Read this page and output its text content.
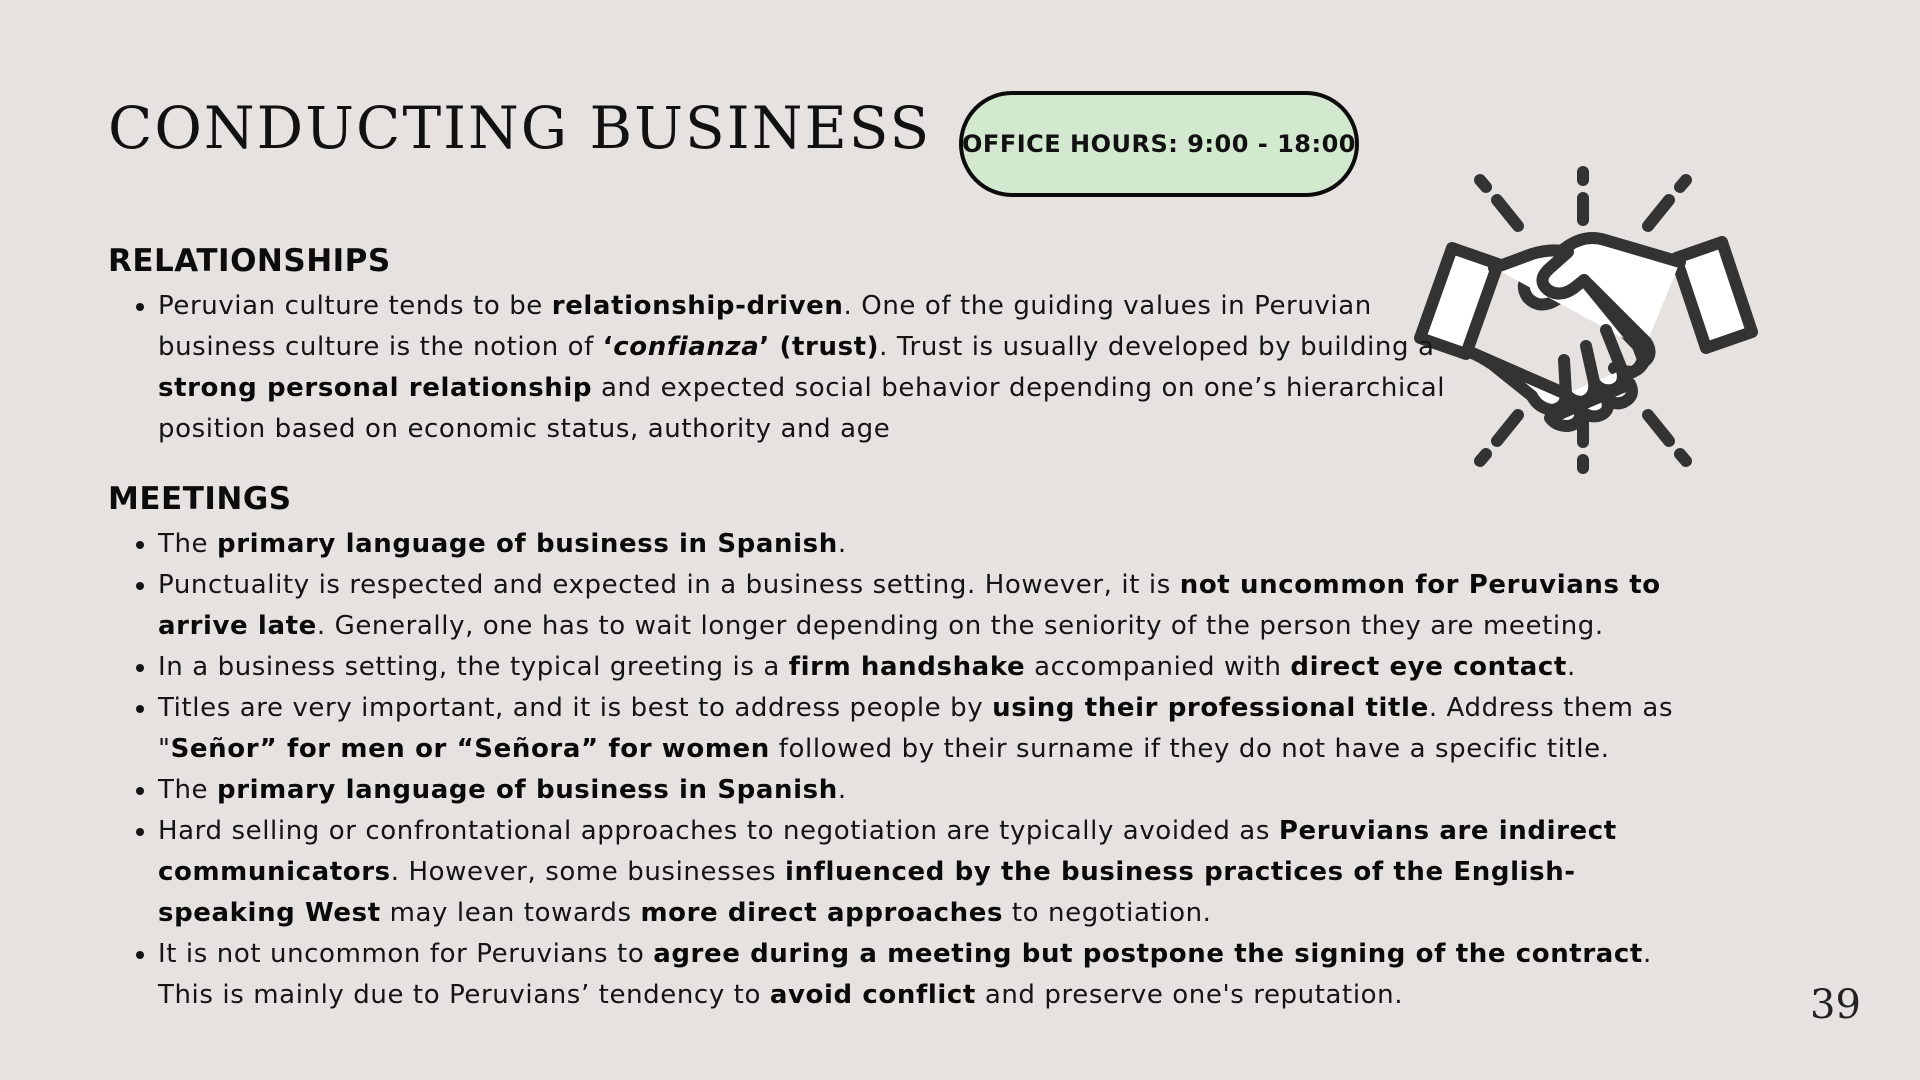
CONDUCTING BUSINESS OFFICE HOURS: 9:00 - 18:00
RELATIONSHIPS
• Peruvian culture tends to be relationship-driven. One of the guiding values in Peruvian business culture is the notion of ‘confianza’ (trust). Trust is usually developed by building a strong personal relationship and expected social behavior depending on one’s hierarchical position based on economic status, authority and age
MEETINGS
• The primary language of business in Spanish.
• Punctuality is respected and expected in a business setting. However, it is not uncommon for Peruvians to arrive late. Generally, one has to wait longer depending on the seniority of the person they are meeting.
• In a business setting, the typical greeting is a firm handshake accompanied with direct eye contact.
• Titles are very important, and it is best to address people by using their professional title. Address them as "Señor” for men or “Señora” for women followed by their surname if they do not have a specific title.
• The primary language of business in Spanish.
• Hard selling or confrontational approaches to negotiation are typically avoided as Peruvians are indirect communicators. However, some businesses influenced by the business practices of the English-speaking West may lean towards more direct approaches to negotiation.
• It is not uncommon for Peruvians to agree during a meeting but postpone the signing of the contract. This is mainly due to Peruvians’ tendency to avoid conflict and preserve one's reputation.	39
